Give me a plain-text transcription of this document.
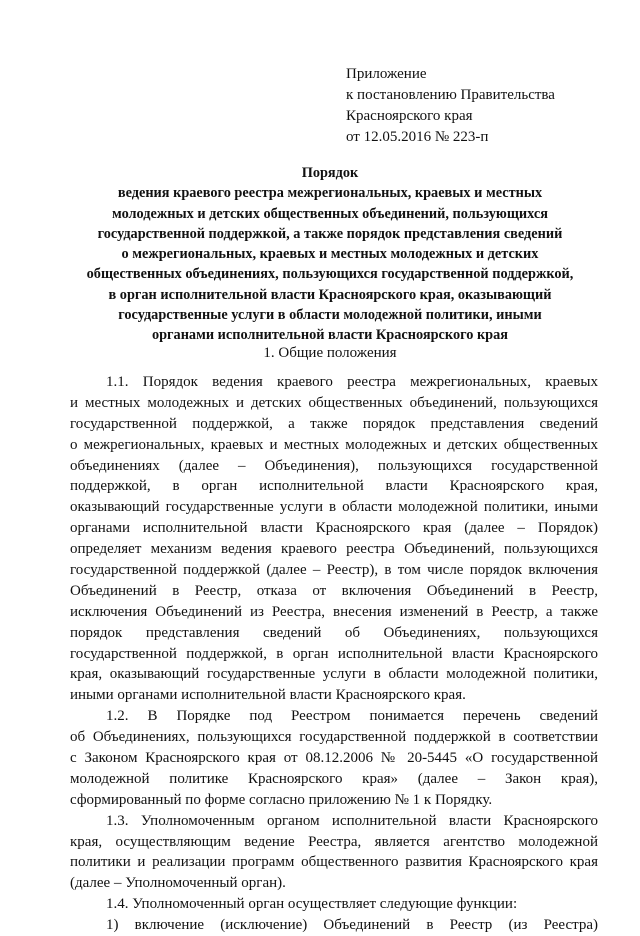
Приложение
к постановлению Правительства
Красноярского края
от 12.05.2016 № 223-п
Порядок
ведения краевого реестра межрегиональных, краевых и местных
молодежных и детских общественных объединений, пользующихся
государственной поддержкой, а также порядок представления сведений
о межрегиональных, краевых и местных молодежных и детских
общественных объединениях, пользующихся государственной поддержкой,
в орган исполнительной власти Красноярского края, оказывающий
государственные услуги в области молодежной политики, иными
органами исполнительной власти Красноярского края
1. Общие положения
1.1. Порядок ведения краевого реестра межрегиональных, краевых
и местных молодежных и детских общественных объединений, пользующихся
государственной поддержкой, а также порядок представления сведений
о межрегиональных, краевых и местных молодежных и детских общественных
объединениях (далее – Объединения), пользующихся государственной
поддержкой, в орган исполнительной власти Красноярского края,
оказывающий государственные услуги в области молодежной политики, иными
органами исполнительной власти Красноярского края (далее – Порядок)
определяет механизм ведения краевого реестра Объединений, пользующихся
государственной поддержкой (далее – Реестр), в том числе порядок включения
Объединений в Реестр, отказа от включения Объединений в Реестр,
исключения Объединений из Реестра, внесения изменений в Реестр, а также
порядок представления сведений об Объединениях, пользующихся
государственной поддержкой, в орган исполнительной власти Красноярского
края, оказывающий государственные услуги в области молодежной политики,
иными органами исполнительной власти Красноярского края.
1.2. В Порядке под Реестром понимается перечень сведений
об Объединениях, пользующихся государственной поддержкой в соответствии
с Законом Красноярского края от 08.12.2006 № 20-5445 «О государственной
молодежной политике Красноярского края» (далее – Закон края),
сформированный по форме согласно приложению № 1 к Порядку.
1.3. Уполномоченным органом исполнительной власти Красноярского
края, осуществляющим ведение Реестра, является агентство молодежной
политики и реализации программ общественного развития Красноярского края
(далее – Уполномоченный орган).
1.4. Уполномоченный орган осуществляет следующие функции:
1) включение (исключение) Объединений в Реестр (из Реестра)
